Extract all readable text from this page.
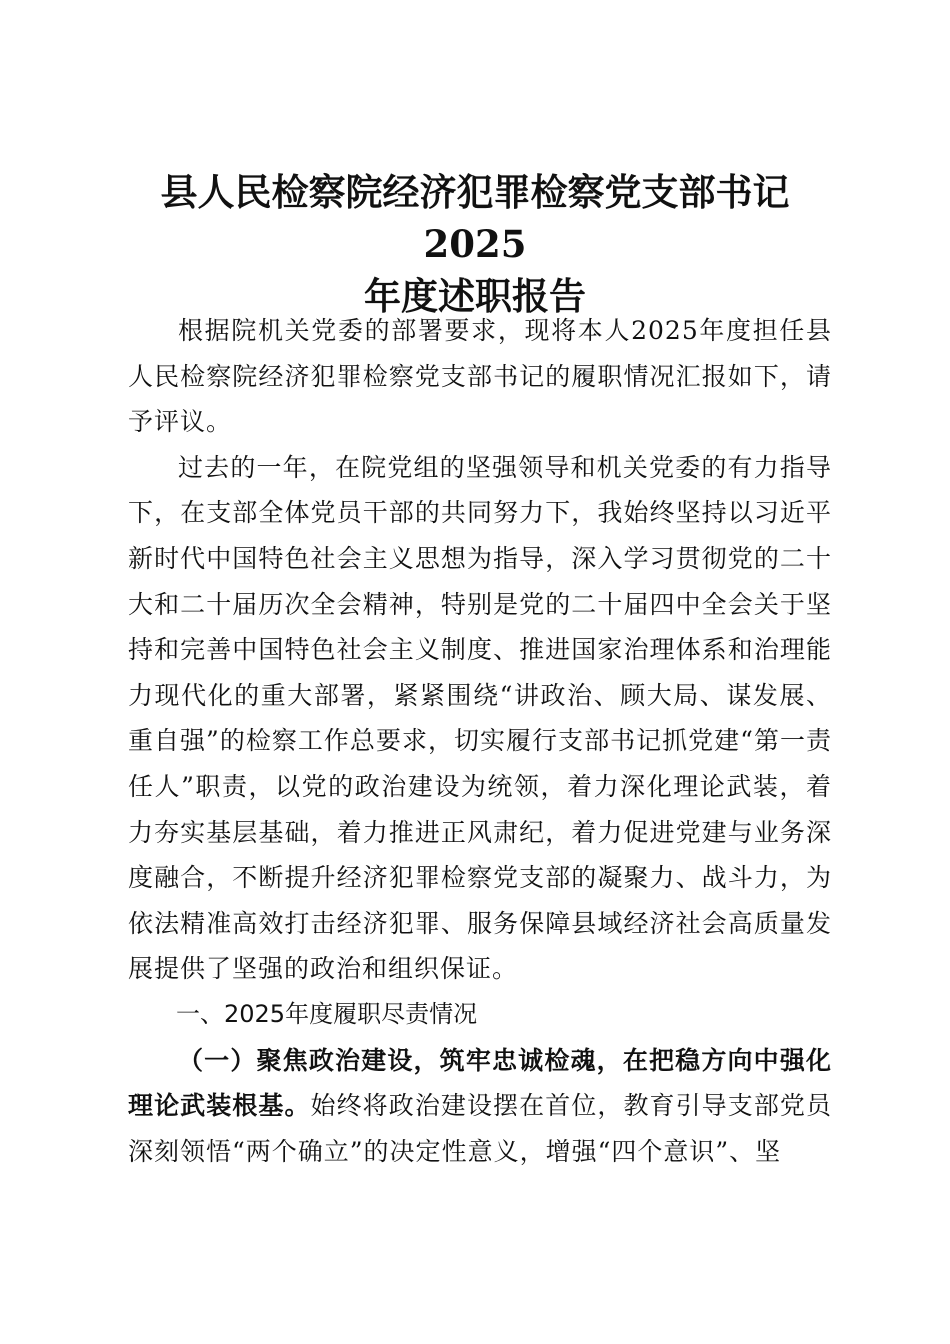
县人民检察院经济犯罪检察党支部书记2025
年度述职报告

根据院机关党委的部署要求，现将本人2025年度担任县人民检察院经济犯罪检察党支部书记的履职情况汇报如下，请予评议。

过去的一年，在院党组的坚强领导和机关党委的有力指导下，在支部全体党员干部的共同努力下，我始终坚持以习近平新时代中国特色社会主义思想为指导，深入学习贯彻党的二十大和二十届历次全会精神，特别是党的二十届四中全会关于坚持和完善中国特色社会主义制度、推进国家治理体系和治理能力现代化的重大部署，紧紧围绕“讲政治、顾大局、谋发展、重自强”的检察工作总要求，切实履行支部书记抓党建“第一责任人”职责，以党的政治建设为统领，着力深化理论武装，着力夯实基层基础，着力推进正风肃纪，着力促进党建与业务深度融合，不断提升经济犯罪检察党支部的凝聚力、战斗力，为依法精准高效打击经济犯罪、服务保障县域经济社会高质量发展提供了坚强的政治和组织保证。

一、2025年度履职尽责情况

（一）聚焦政治建设，筑牢忠诚检魂，在把稳方向中强化理论武装根基。始终将政治建设摆在首位，教育引导支部党员深刻领悟“两个确立”的决定性意义，增强“四个意识”、坚
